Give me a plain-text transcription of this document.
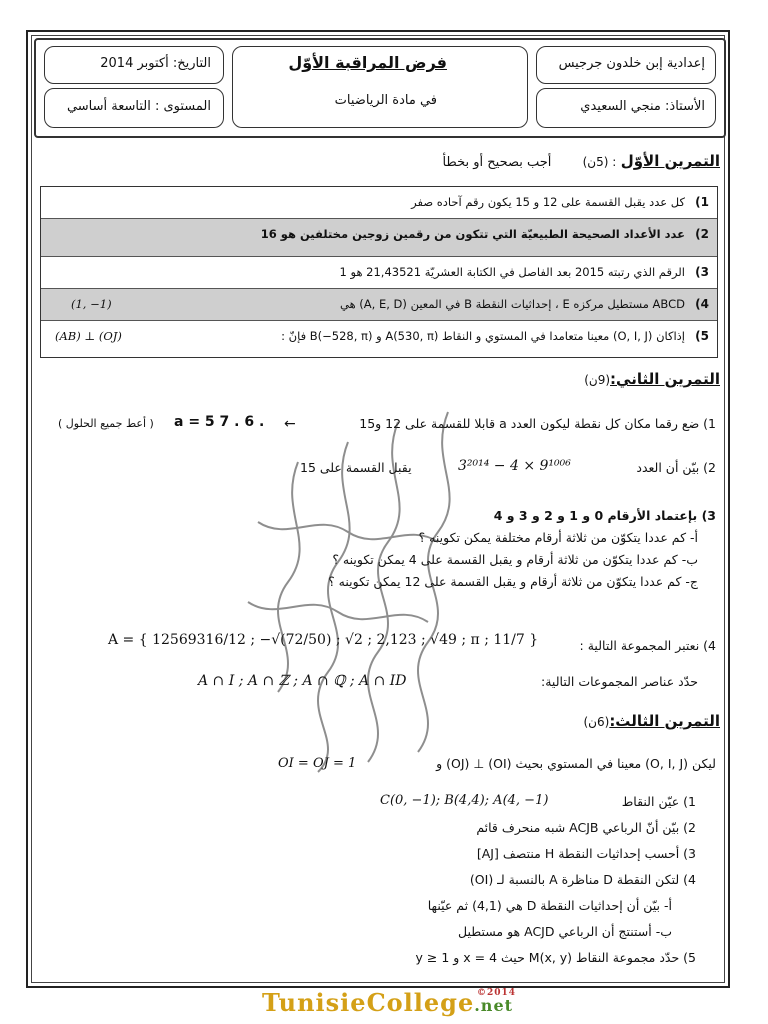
التاريخ: أكتوبر 2014
المستوى : التاسعة أساسي
فرض المراقبة الأوّل
في مادة الرياضيات
إعدادية إبن خلدون جرجيس
الأستاذ: منجي السعيدي
التمرين الأوّل : (5ن)       أجب بصحيح أو بخطأ
1)
كل عدد يقبل القسمة على 12 و 15 يكون رقم آحاده صفر
2)
عدد الأعداد الصحيحة الطبيعيّة التي تتكون من رقمين زوجين مختلفين هو 16
3)
الرقم الذي رتبته 2015 بعد الفاصل في الكتابة العشريّة 21,43521 هو 1
4)
ABCD مستطيل مركزه E ، إحداثيات النقطة B في المعين (A, E, D) هي
(1, −1)
5)
إذاكان (O, I, J) معينا متعامدا في المستوي و النقاط A(530, π) و B(−528, π) فإنّ :
(AB) ⊥ (OJ)
التمرين الثاني:(9ن)
1) ضع رقما مكان كل نقطة ليكون العدد a قابلا للقسمة على 12 و15
←
a = 5 7 . 6 .
( أعط جميع الحلول )
2) بيّن أن العدد
3²⁰¹⁴ − 4 × 9¹⁰⁰⁶
يقبل القسمة على 15
3) بإعتماد الأرقام 0 و 1 و 2 و 3 و 4
أ- كم عددا يتكوّن من ثلاثة أرقام مختلفة يمكن تكوينه ؟
ب- كم عددا يتكوّن من ثلاثة أرقام و يقبل القسمة على 4 يمكن تكوينه ؟
ج- كم عددا يتكوّن من ثلاثة أرقام و يقبل القسمة على 12 يمكن تكوينه ؟
4) نعتبر المجموعة التالية :
A = { 12569316/12 ; −√(72/50) ; √2 ; 2,123 ; √49 ; π ; 11/7 }
حدّد عناصر المجموعات التالية:
A ∩ I ; A ∩ ℤ ; A ∩ ℚ ; A ∩ ID
التمرين الثالث:(6ن)
ليكن (O, I, J) معينا في المستوي بحيث (OI) ⊥ (OJ) و
OI = OJ = 1
1) عيّن النقاط
C(0, −1); B(4,4); A(4, −1)
2) بيّن أنّ الرباعي ACJB شبه منحرف قائم
3) أحسب إحداثيات النقطة H منتصف [AJ]
4) لتكن النقطة D مناظرة A بالنسبة لـ (OI)
أ- بيّن أن إحداثيات النقطة D هي (4,1) ثم عيّنها
ب- أستنتج أن الرباعي ACJD هو مستطيل
5) حدّد مجموعة النقاط M(x, y) حيث x = 4 و y ≥ 1
TunisieCollege.net
©2014
